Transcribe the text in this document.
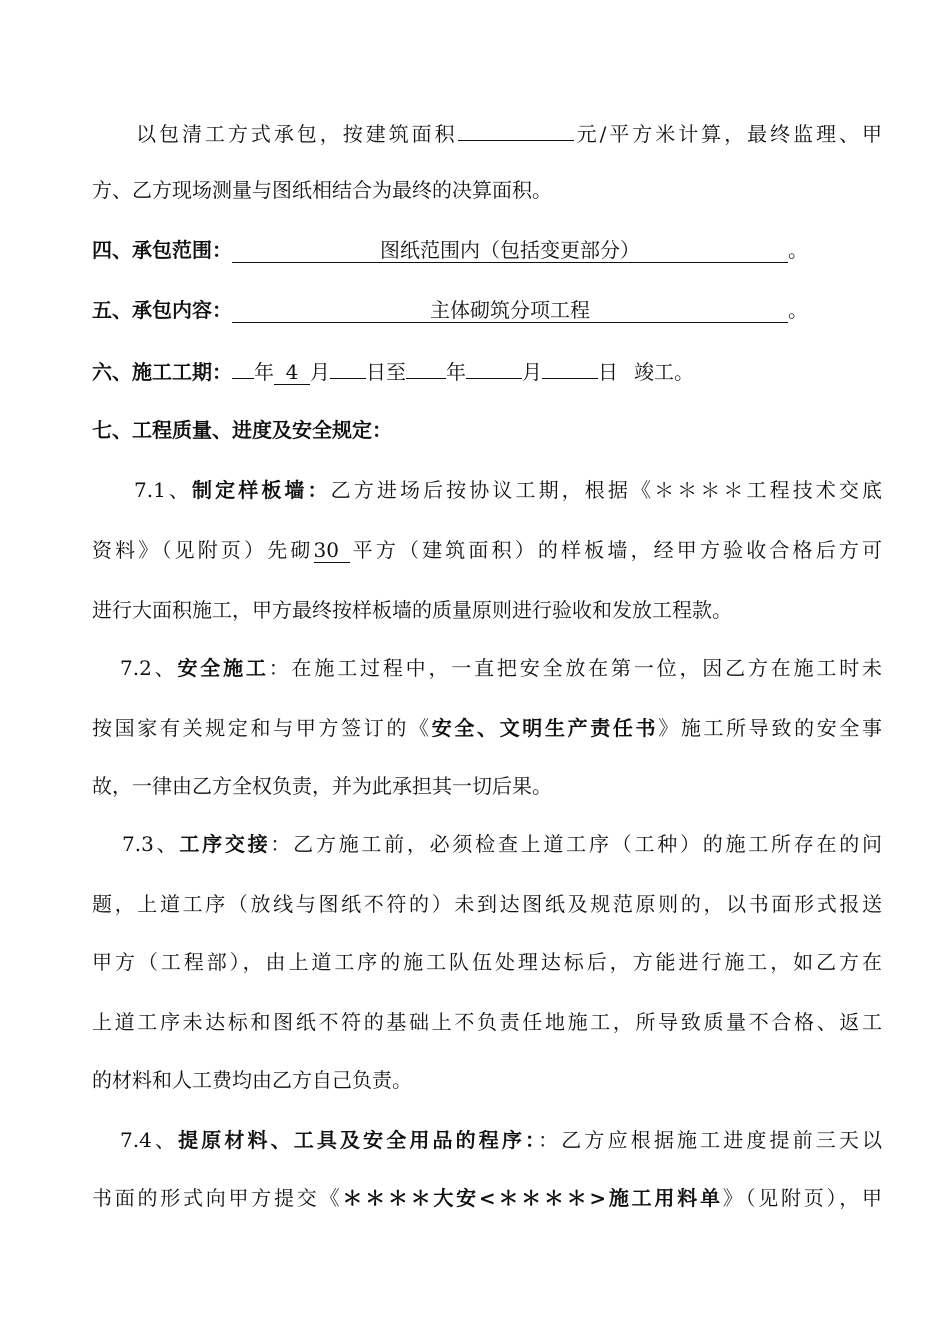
以包清工方式承包，按建筑面积	元/平方米计算，最终监理、甲
方、乙方现场测量与图纸相结合为最终的决算面积。
四、承包范围：	图纸范围内（包括变更部分）	。
五、承包内容：	主体砌筑分项工程	。
六、施工工期： 年 4 月 日至 年	月	日 竣工。
七、工程质量、进度及安全规定：
7.1、制定样板墙：乙方进场后按协议工期，根据《＊＊＊＊工程技术交底
资料》（见附页）先砌30 平方（建筑面积）的样板墙，经甲方验收合格后方可
进行大面积施工，甲方最终按样板墙的质量原则进行验收和发放工程款。
7.2、安全施工：在施工过程中，一直把安全放在第一位，因乙方在施工时未
按国家有关规定和与甲方签订的《安全、文明生产责任书》施工所导致的安全事
故，一律由乙方全权负责，并为此承担其一切后果。
7.3、工序交接：乙方施工前，必须检查上道工序（工种）的施工所存在的问
题，上道工序（放线与图纸不符的）未到达图纸及规范原则的，以书面形式报送
甲方（工程部），由上道工序的施工队伍处理达标后，方能进行施工，如乙方在
上道工序未达标和图纸不符的基础上不负责任地施工，所导致质量不合格、返工
的材料和人工费均由乙方自己负责。
7.4、提原材料、工具及安全用品的程序：：乙方应根据施工进度提前三天以
书面的形式向甲方提交《＊＊＊＊大安<＊＊＊＊>施工用料单》（见附页），甲
